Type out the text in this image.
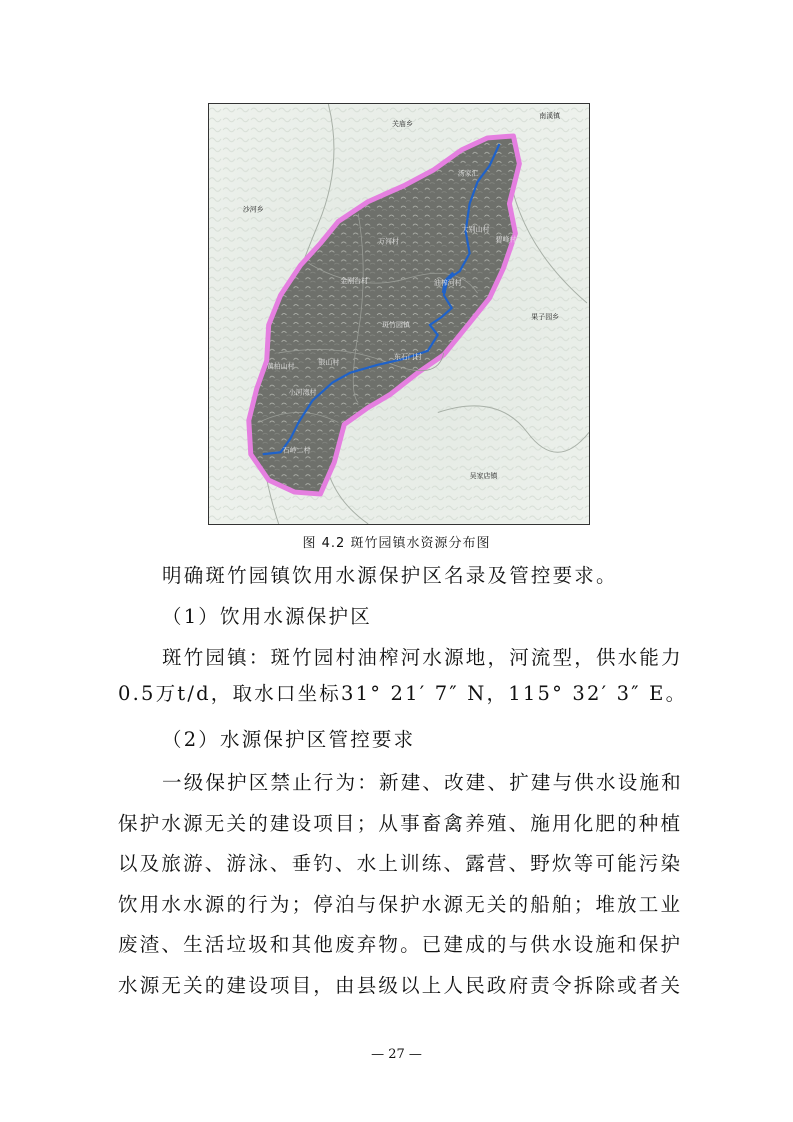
关庙乡
南溪镇
沙河乡
果子园乡
吴家店镇
汤家汇
万河村
大别山村
金刚台村
斑竹园镇
银山村
东石门村
小河湾村
油榨河村
石岭二村
碧峰村
黄柏山村
图 4.2 斑竹园镇水资源分布图
明确斑竹园镇饮用水源保护区名录及管控要求。
（1）饮用水源保护区
斑竹园镇：斑竹园村油榨河水源地，河流型，供水能力
0.5万t/d，取水口坐标31° 21′ 7″ N，115° 32′ 3″ E。
（2）水源保护区管控要求
一级保护区禁止行为：新建、改建、扩建与供水设施和
保护水源无关的建设项目；从事畜禽养殖、施用化肥的种植
以及旅游、游泳、垂钓、水上训练、露营、野炊等可能污染
饮用水水源的行为；停泊与保护水源无关的船舶；堆放工业
废渣、生活垃圾和其他废弃物。已建成的与供水设施和保护
水源无关的建设项目，由县级以上人民政府责令拆除或者关
— 27 —
